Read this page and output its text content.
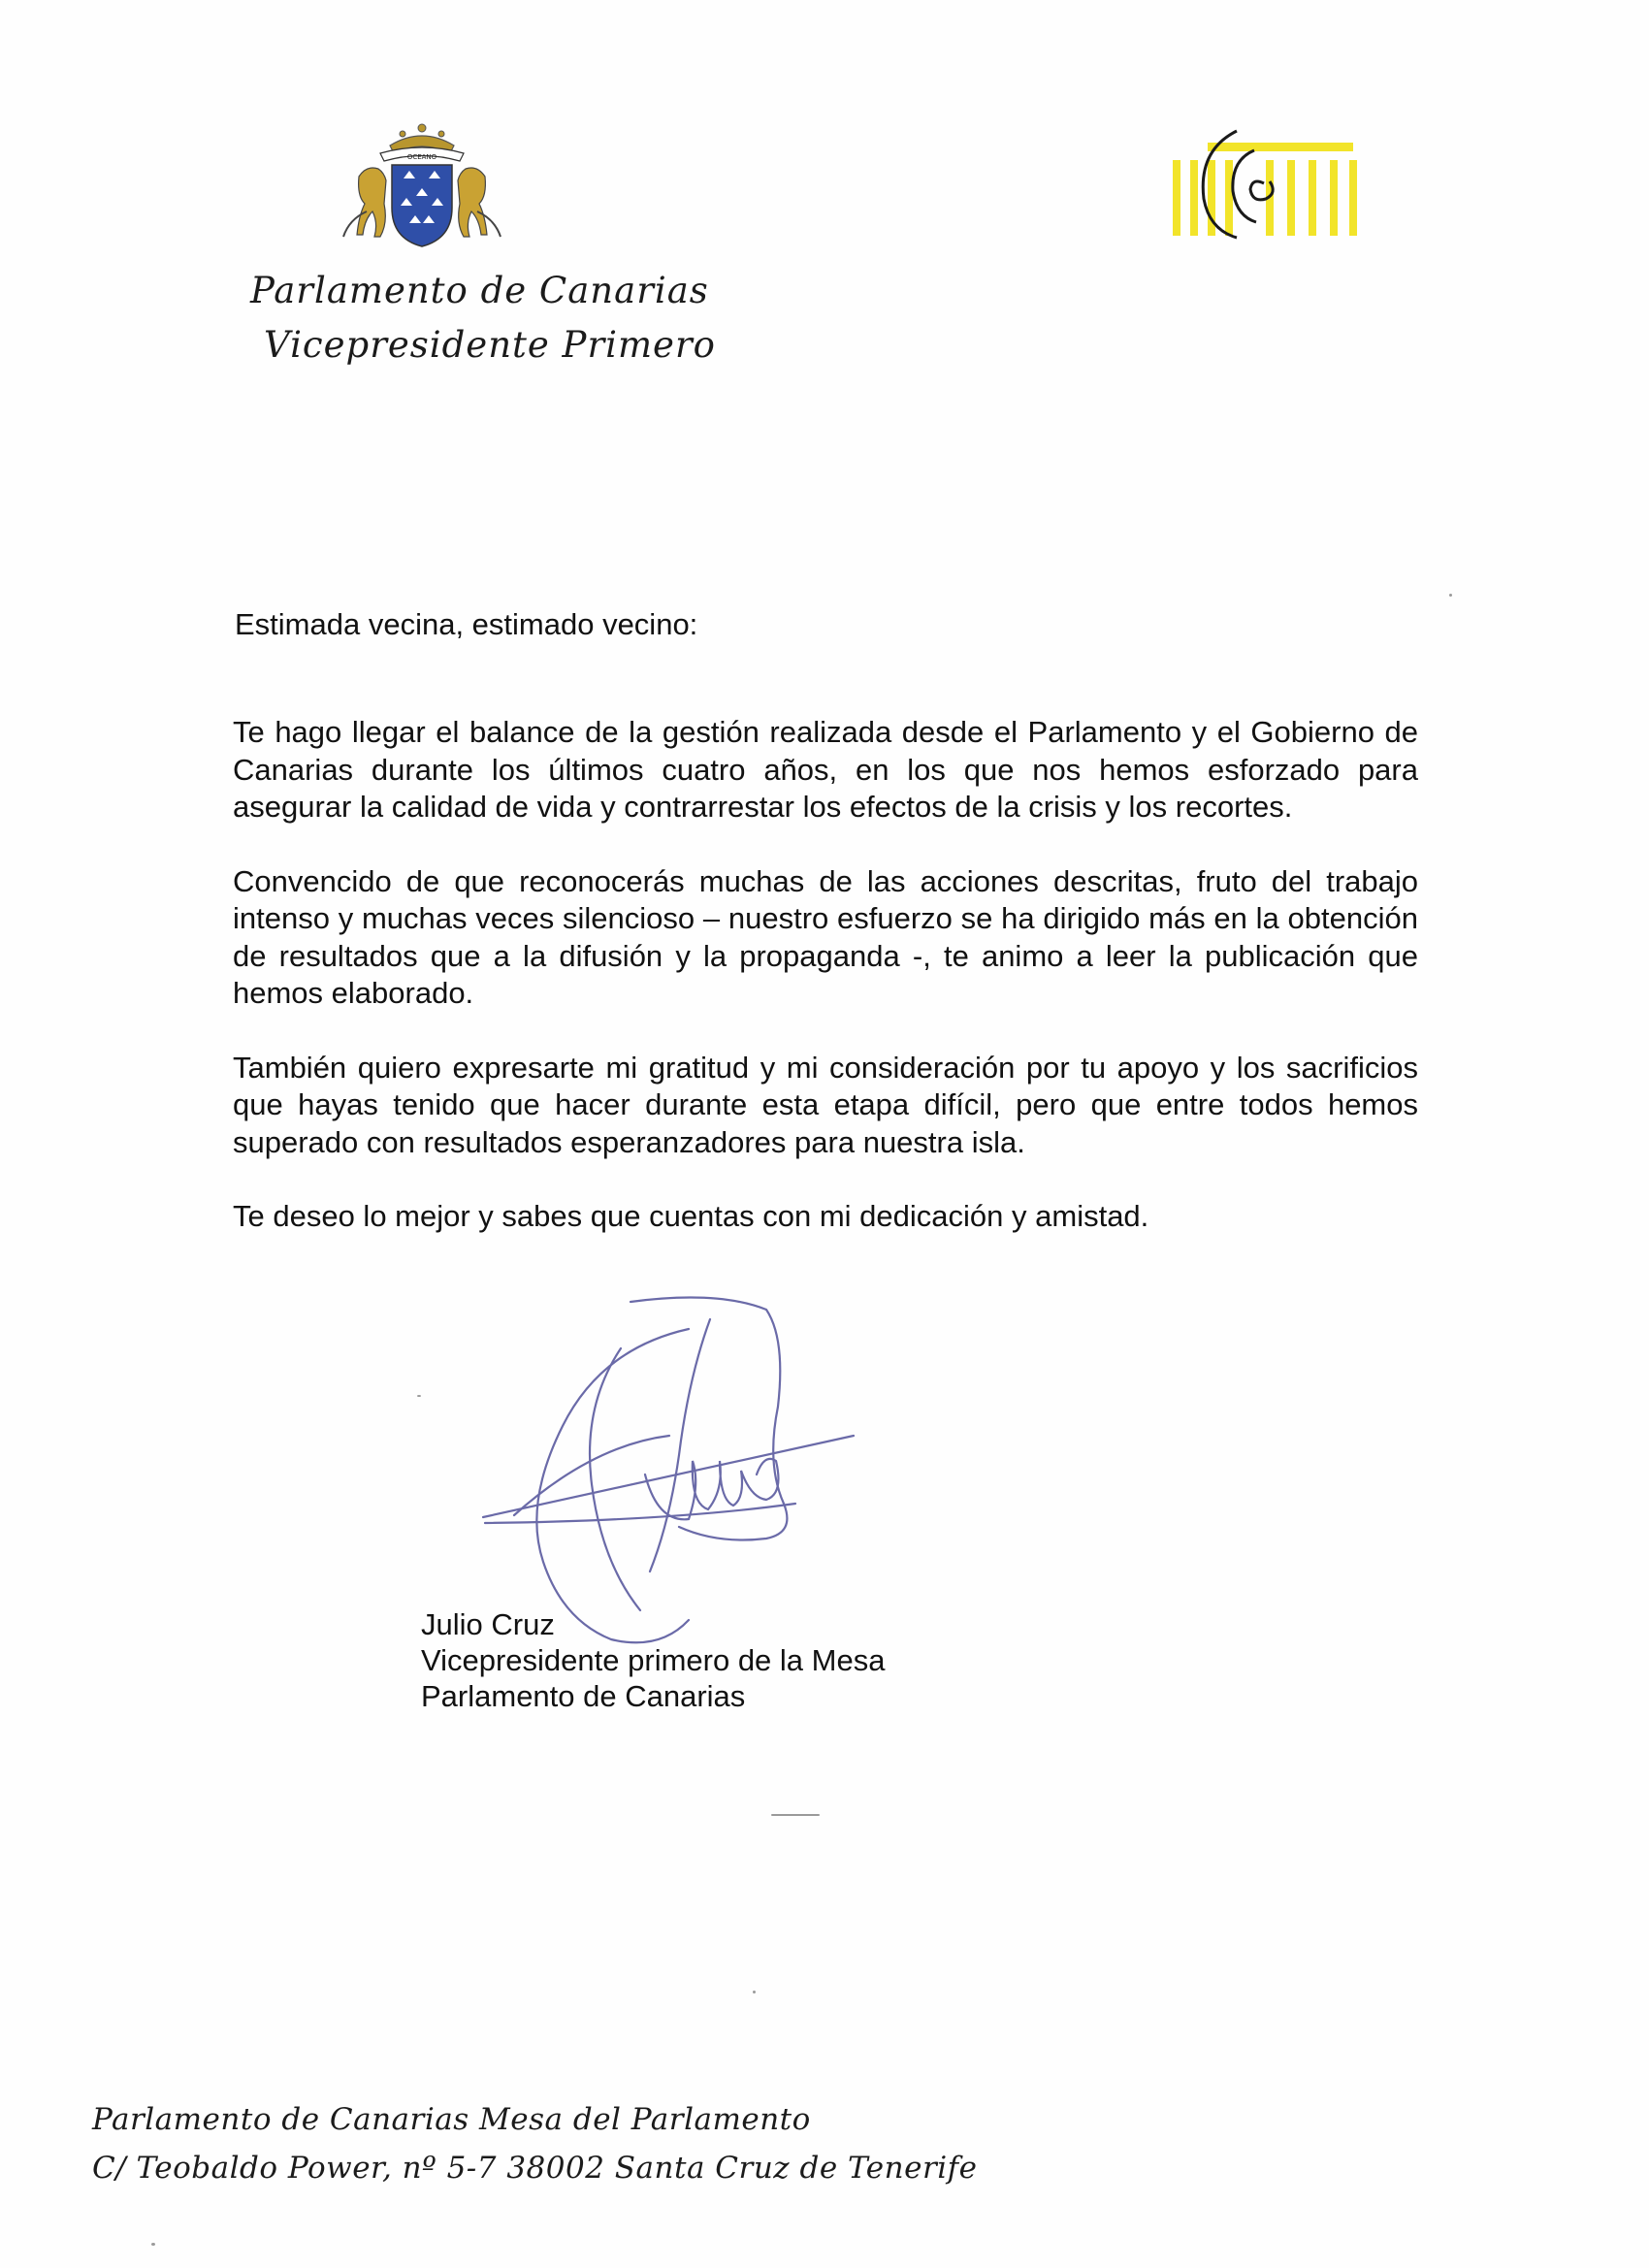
OCEANO
Parlamento de Canarias
Vicepresidente Primero
Estimada vecina, estimado vecino:

Te hago llegar el balance de la gestión realizada desde el Parlamento y el Gobierno de Canarias durante los últimos cuatro años, en los que nos hemos esforzado para asegurar la calidad de vida y contrarrestar los efectos de la crisis y los recortes.

Convencido de que reconocerás muchas de las acciones descritas, fruto del trabajo intenso y muchas veces silencioso – nuestro esfuerzo se ha dirigido más en la obtención de resultados que a la difusión y la propaganda -, te animo a leer la publicación que hemos elaborado.

También quiero expresarte mi gratitud y mi consideración por tu apoyo y los sacrificios que hayas tenido que hacer durante esta etapa difícil, pero que entre todos hemos superado con resultados esperanzadores para nuestra isla.

Te deseo lo mejor y sabes que cuentas con mi dedicación y amistad.

Julio Cruz
Vicepresidente primero de la Mesa
Parlamento de Canarias
Parlamento de Canarias Mesa del Parlamento
C/ Teobaldo Power, nº 5-7 38002 Santa Cruz de Tenerife
